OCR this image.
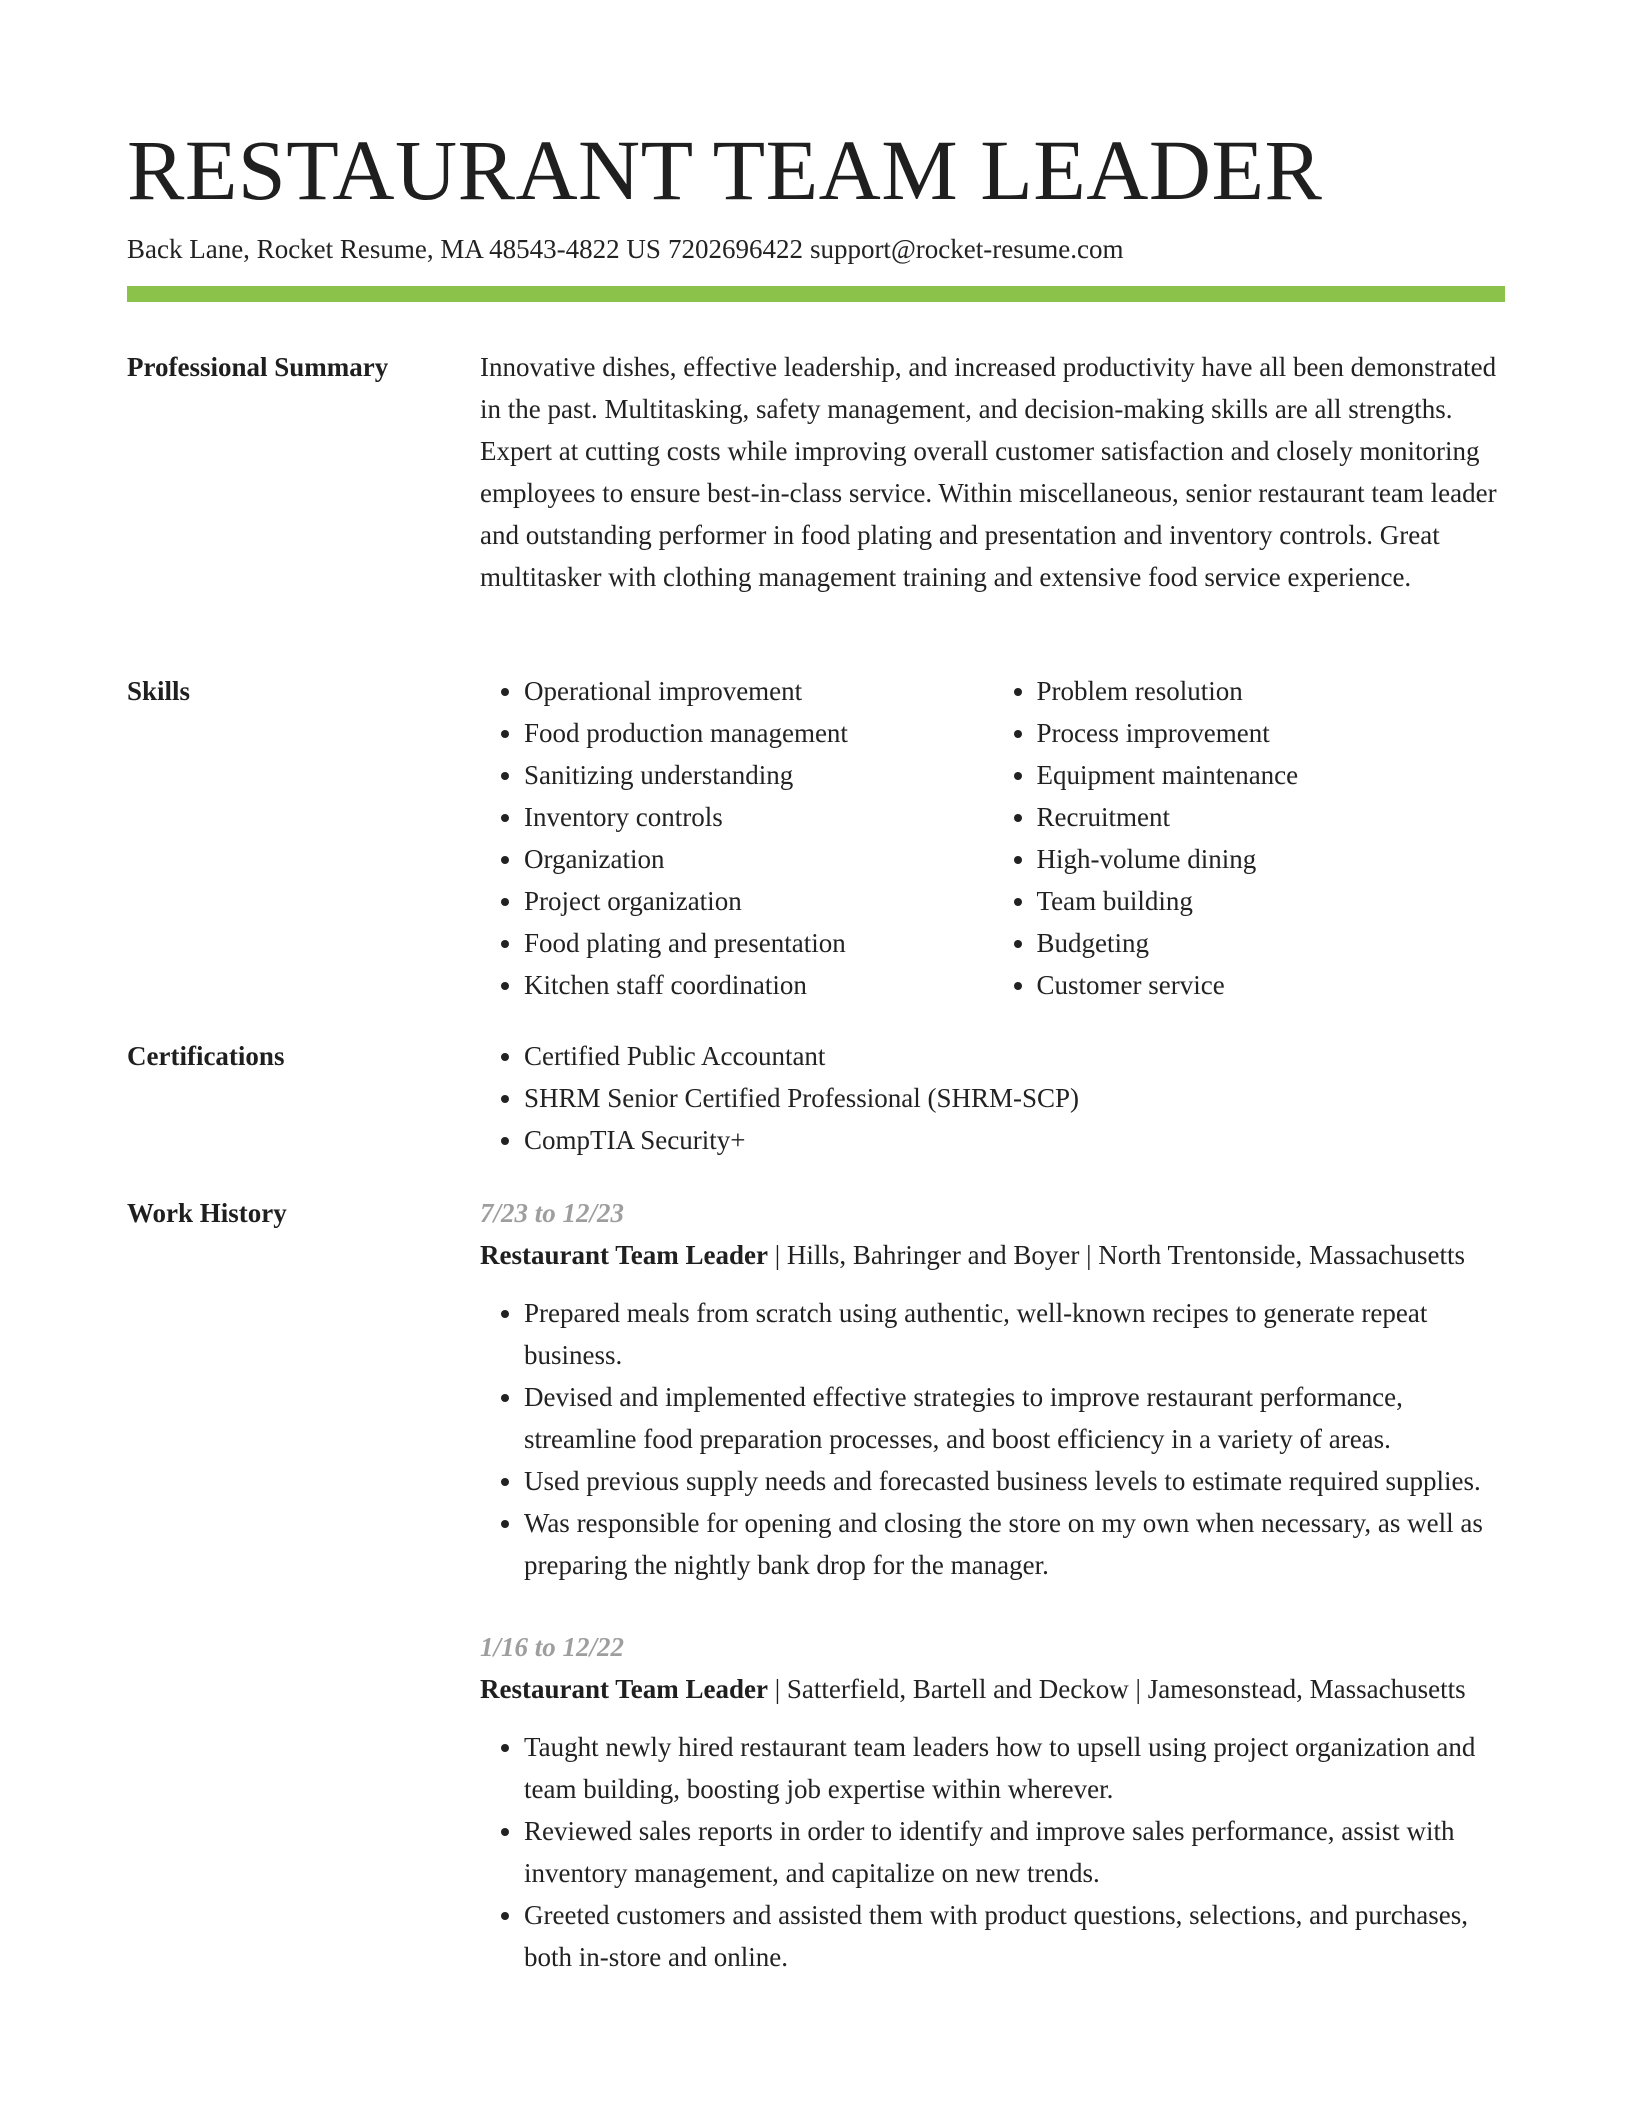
RESTAURANT TEAM LEADER
Back Lane, Rocket Resume, MA 48543-4822 US 7202696422 support@rocket-resume.com
Professional Summary	Innovative dishes, effective leadership, and increased productivity have all been demonstrated in the past. Multitasking, safety management, and decision-making skills are all strengths. Expert at cutting costs while improving overall customer satisfaction and closely monitoring employees to ensure best-in-class service. Within miscellaneous, senior restaurant team leader and outstanding performer in food plating and presentation and inventory controls. Great multitasker with clothing management training and extensive food service experience.

Skills	• Operational improvement
• Food production management
• Sanitizing understanding
• Inventory controls
• Organization
• Project organization
• Food plating and presentation
• Kitchen staff coordination
• Problem resolution
• Process improvement
• Equipment maintenance
• Recruitment
• High-volume dining
• Team building
• Budgeting
• Customer service
Certifications	• Certified Public Accountant
• SHRM Senior Certified Professional (SHRM-SCP)
• CompTIA Security+
Work History	7/23 to 12/23
Restaurant Team Leader | Hills, Bahringer and Boyer | North Trentonside, Massachusetts
• Prepared meals from scratch using authentic, well-known recipes to generate repeat business.
• Devised and implemented effective strategies to improve restaurant performance, streamline food preparation processes, and boost efficiency in a variety of areas.
• Used previous supply needs and forecasted business levels to estimate required supplies.
• Was responsible for opening and closing the store on my own when necessary, as well as preparing the nightly bank drop for the manager.
1/16 to 12/22
Restaurant Team Leader | Satterfield, Bartell and Deckow | Jamesonstead, Massachusetts
• Taught newly hired restaurant team leaders how to upsell using project organization and team building, boosting job expertise within wherever.
• Reviewed sales reports in order to identify and improve sales performance, assist with inventory management, and capitalize on new trends.
• Greeted customers and assisted them with product questions, selections, and purchases, both in-store and online.
